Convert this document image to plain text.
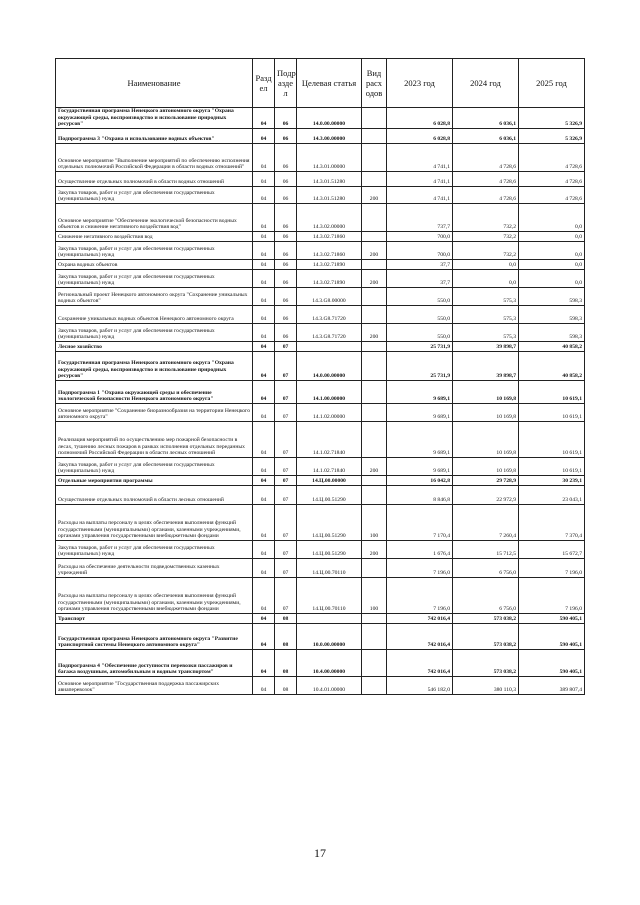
Наименование	Разд ел	Подр азде л	Целевая статья	Вид расх одов	2023 год	2024 год	2025 год
Государственная программа Ненецкого автономного округа "Охрана окружающей среды, воспроизводство и использование природных ресурсов"	04	06	14.0.00.00000		6 028,8	6 036,1	5 326,9
Подпрограмма 3 "Охрана и использование водных объектов"	04	06	14.3.00.00000		6 028,8	6 036,1	5 326,9
Основное мероприятие "Выполнение мероприятий по обеспечению исполнения отдельных полномочий Российской Федерации в области водных отношений"	04	06	14.3.01.00000		4 741,1	4 728,6	4 728,6
Осуществление отдельных полномочий в области водных отношений	04	06	14.3.01.51280		4 741,1	4 728,6	4 728,6
Закупка товаров, работ и услуг для обеспечения государственных (муниципальных) нужд	04	06	14.3.01.51280	200	4 741,1	4 728,6	4 728,6
Основное мероприятие "Обеспечение экологической безопасности водных объектов и снижение негативного воздействия вод"	04	06	14.3.02.00000		737,7	732,2	0,0
Снижение негативного воздействия вод	04	06	14.3.02.71860		700,0	732,2	0,0
Закупка товаров, работ и услуг для обеспечения государственных (муниципальных) нужд	04	06	14.3.02.71860	200	700,0	732,2	0,0
Охрана водных объектов	04	06	14.3.02.71890		37,7	0,0	0,0
Закупка товаров, работ и услуг для обеспечения государственных (муниципальных) нужд	04	06	14.3.02.71890	200	37,7	0,0	0,0
Региональный проект Ненецкого автономного округа "Сохранение уникальных водных объектов"	04	06	14.3.G8.00000		550,0	575,3	598,3
Сохранение уникальных водных объектов Ненецкого автономного округа	04	06	14.3.G8.71720		550,0	575,3	598,3
Закупка товаров, работ и услуг для обеспечения государственных (муниципальных) нужд	04	06	14.3.G8.71720	200	550,0	575,3	598,3
Лесное хозяйство	04	07			25 731,9	39 898,7	40 858,2
Государственная программа Ненецкого автономного округа "Охрана окружающей среды, воспроизводство и использование природных ресурсов"	04	07	14.0.00.00000		25 731,9	39 898,7	40 858,2
Подпрограмма 1 "Охрана окружающей среды и обеспечение экологической безопасности Ненецкого автономного округа"	04	07	14.1.00.00000		9 689,1	10 169,8	10 619,1
Основное мероприятие "Сохранение биоразнообразия на территории Ненецкого автономного округа"	04	07	14.1.02.00000		9 689,1	10 169,8	10 619,1
Реализация мероприятий по осуществлению мер пожарной безопасности в лесах, тушению лесных пожаров в рамках исполнения отдельных переданных полномочий Российской Федерации в области лесных отношений	04	07	14.1.02.71840		9 689,1	10 169,8	10 619,1
Закупка товаров, работ и услуг для обеспечения государственных (муниципальных) нужд	04	07	14.1.02.71840	200	9 689,1	10 169,8	10 619,1
Отдельные мероприятия программы	04	07	14.Ц.00.00000		16 042,8	29 728,9	30 239,1
Осуществление отдельных полномочий в области лесных отношений	04	07	14.Ц.00.51290		8 846,8	22 972,9	23 043,1
Расходы на выплаты персоналу в целях обеспечения выполнения функций государственными (муниципальными) органами, казенными учреждениями, органами управления государственными внебюджетными фондами	04	07	14.Ц.00.51290	100	7 170,4	7 260,4	7 370,4
Закупка товаров, работ и услуг для обеспечения государственных (муниципальных) нужд	04	07	14.Ц.00.51290	200	1 676,4	15 712,5	15 672,7
Расходы на обеспечение деятельности подведомственных казенных учреждений	04	07	14.Ц.00.70110		7 196,0	6 756,0	7 196,0
Расходы на выплаты персоналу в целях обеспечения выполнения функций государственными (муниципальными) органами, казенными учреждениями, органами управления государственными внебюджетными фондами	04	07	14.Ц.00.70110	100	7 196,0	6 756,0	7 196,0
Транспорт	04	08			742 016,4	573 038,2	590 405,1
Государственная программа Ненецкого автономного округа "Развитие транспортной системы Ненецкого автономного округа"	04	08	10.0.00.00000		742 016,4	573 038,2	590 405,1
Подпрограмма 4 "Обеспечение доступности перевозки пассажиров и багажа воздушным, автомобильным и водным транспортом"	04	08	10.4.00.00000		742 016,4	573 038,2	590 405,1
Основное мероприятие "Государственная поддержка пассажирских авиаперевозок"	04	08	10.4.01.00000		546 182,0	380 110,3	389 807,4
17
